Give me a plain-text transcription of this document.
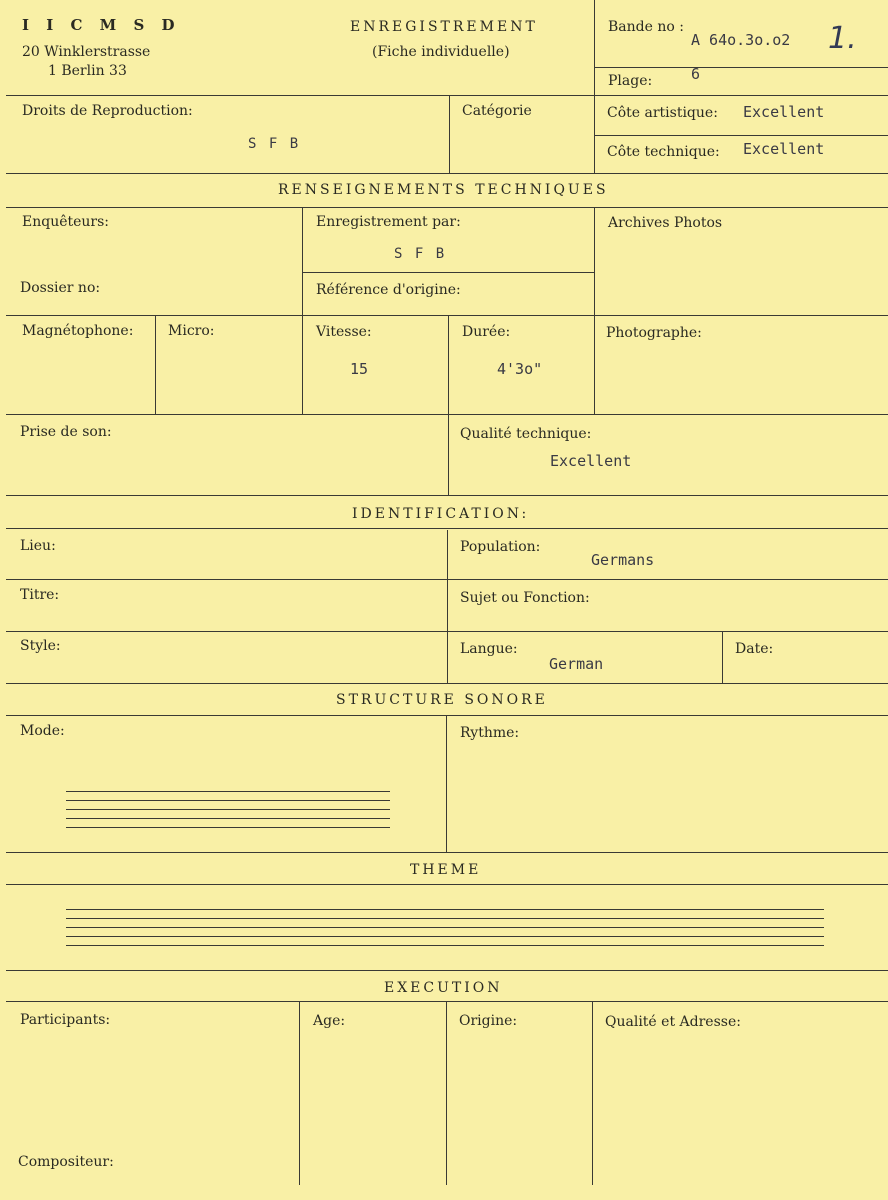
I I C M S D
20 Winklerstrasse
1 Berlin 33
ENREGISTREMENT
(Fiche individuelle)
Bande no :
A 64o.3o.o2 1.
Plage:	6
Droits de Reproduction:
S F B
Catégorie	Côte artistique: Excellent
Côte technique: Excellent
RENSEIGNEMENTS TECHNIQUES
Enquêteurs:	Enregistrement par:
S F B
Archives Photos
Dossier no:	Référence d'origine:
Magnétophone: Micro:	Vitesse:
15
Durée:
4'3o"
Photographe:
Prise de son:	Qualité technique:
Excellent
IDENTIFICATION:
Lieu:	Population:
Germans
Titre:	Sujet ou Fonction:
Style:	Langue:
German
Date:
STRUCTURE SONORE
Mode:	Rythme:
THEME
EXECUTION
Participants:	Age:	Origine:	Qualité et Adresse:
Compositeur:
